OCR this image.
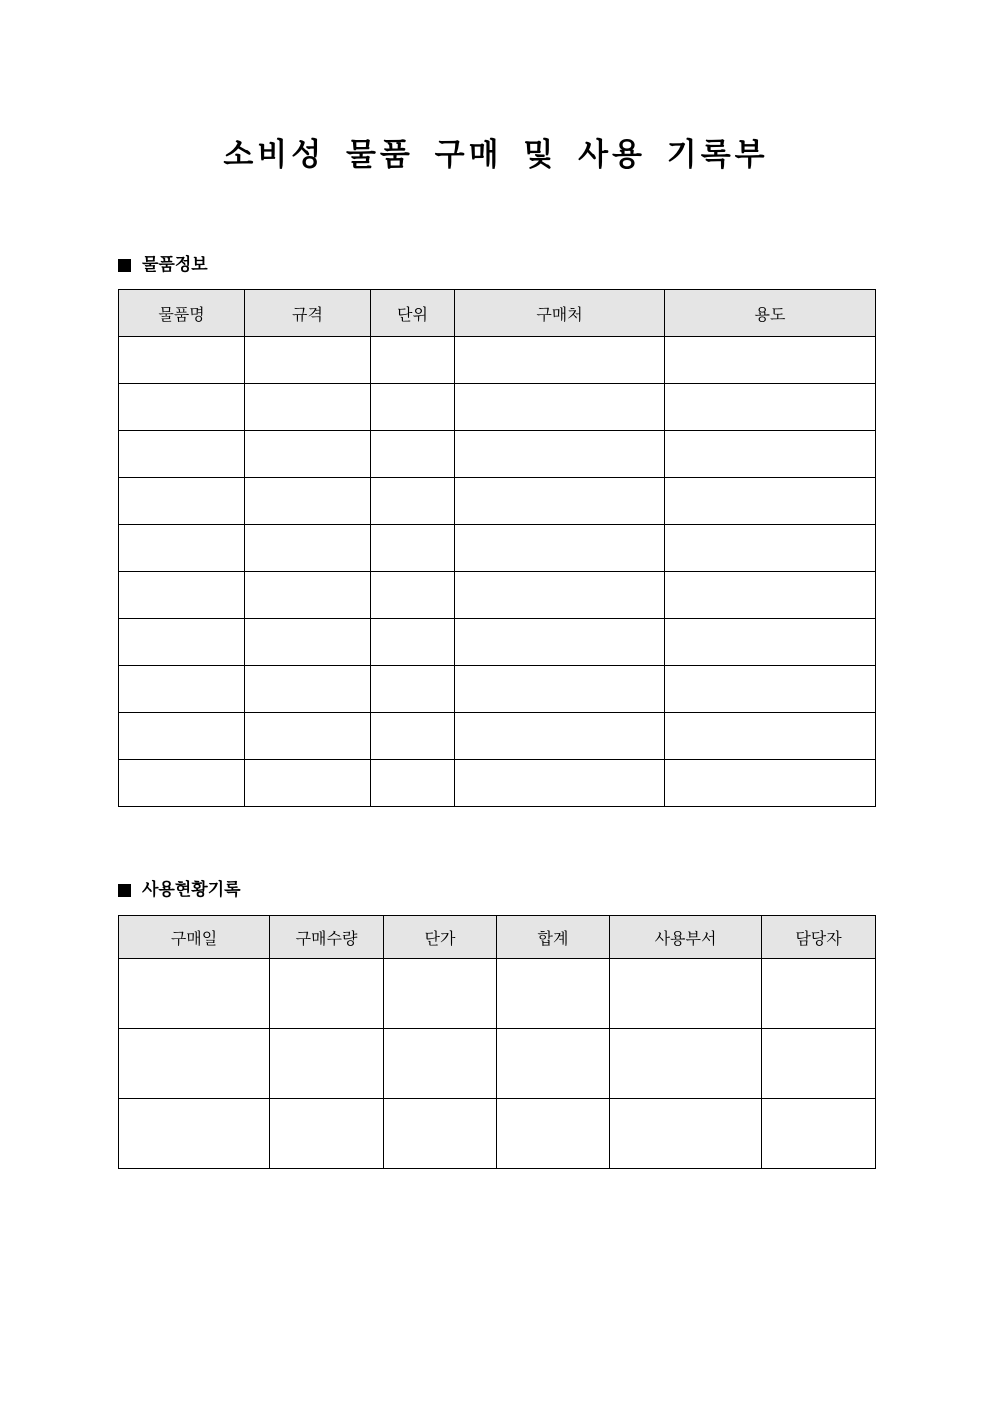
소비성 물품 구매 및 사용 기록부
물품정보
물품명	규격	단위	구매처	용도

사용현황기록
구매일	구매수량	단가	합계	사용부서	담당자
